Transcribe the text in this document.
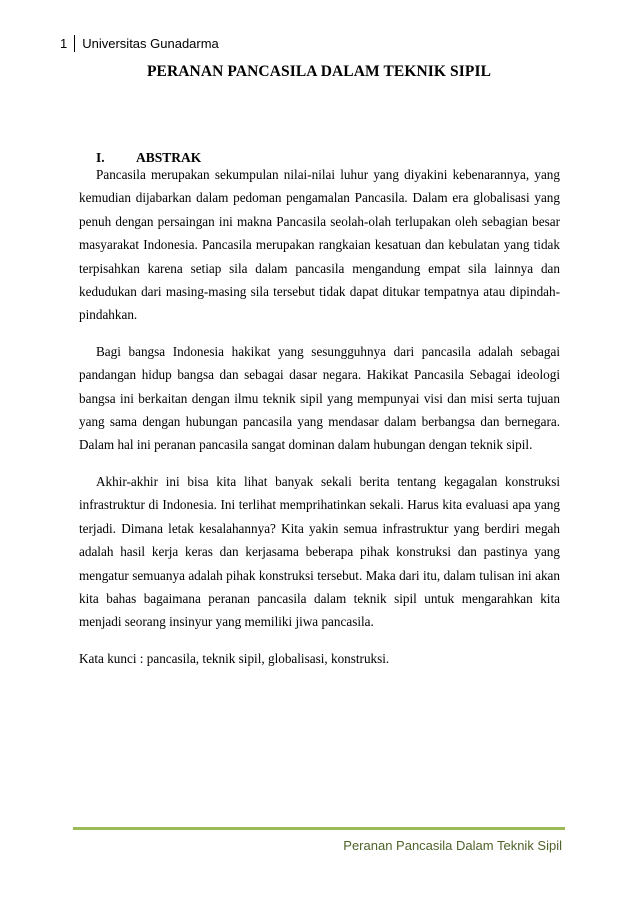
1	Universitas Gunadarma
PERANAN PANCASILA DALAM TEKNIK SIPIL
I.	ABSTRAK

Pancasila merupakan sekumpulan nilai-nilai luhur yang diyakini kebenarannya, yang kemudian dijabarkan dalam pedoman pengamalan Pancasila. Dalam era globalisasi yang penuh dengan persaingan ini makna Pancasila seolah-olah terlupakan oleh sebagian besar masyarakat Indonesia. Pancasila merupakan rangkaian kesatuan dan kebulatan yang tidak terpisahkan karena setiap sila dalam pancasila mengandung empat sila lainnya dan kedudukan dari masing-masing sila tersebut tidak dapat ditukar tempatnya atau dipindah-pindahkan.

Bagi bangsa Indonesia hakikat yang sesungguhnya dari pancasila adalah sebagai pandangan hidup bangsa dan sebagai dasar negara. Hakikat Pancasila Sebagai ideologi bangsa ini berkaitan dengan ilmu teknik sipil yang mempunyai visi dan misi serta tujuan yang sama dengan hubungan pancasila yang mendasar dalam berbangsa dan bernegara. Dalam hal ini peranan pancasila sangat dominan dalam hubungan dengan teknik sipil.

Akhir-akhir ini bisa kita lihat banyak sekali berita tentang kegagalan konstruksi infrastruktur di Indonesia. Ini terlihat memprihatinkan sekali. Harus kita evaluasi apa yang terjadi. Dimana letak kesalahannya? Kita yakin semua infrastruktur yang berdiri megah adalah hasil kerja keras dan kerjasama beberapa pihak konstruksi dan pastinya yang mengatur semuanya adalah pihak konstruksi tersebut. Maka dari itu, dalam tulisan ini akan kita bahas bagaimana peranan pancasila dalam teknik sipil untuk mengarahkan kita menjadi seorang insinyur yang memiliki jiwa pancasila.

Kata kunci : pancasila, teknik sipil, globalisasi, konstruksi.

Peranan Pancasila Dalam Teknik Sipil
